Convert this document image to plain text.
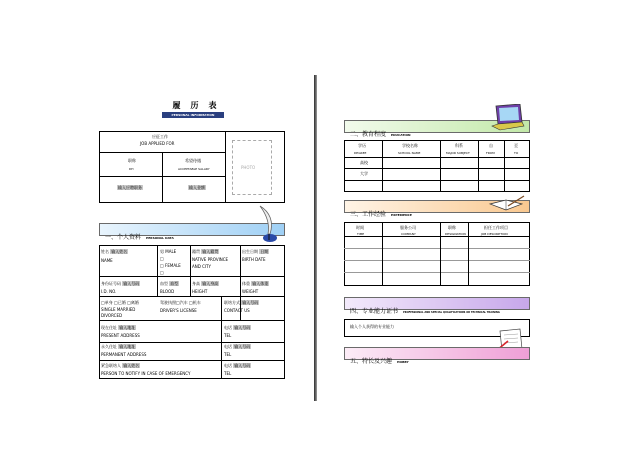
履　历　表
PERSONAL INFORMATION
应征工作
JOB APPLIED FOR
职称
DH
希望待遇
ACCEPTABLE SALARY
输入应聘职务	输入金额
PHOTO
一、个人资料 PERSONAL DATA
姓名 输入姓名
NAME
男 MALE
□
□ FEMALE
□
籍贯 输入籍贯
NATIVE PROVINCE
AND CITY
出生日期 日期
BIRTH DATE
身份证号码 输入号码
I.D. NO.
血型 血型
BLOOD
身高 输入身高
HEIGHT
体重 输入体重
WEIGHT
□单身 □已婚 □离婚
SINGLE MARRIED
DIVORCED
驾驶执照□汽车 □机车
DRIVER'S LICENSE
联络方式 输入号码
CONTACT US
现在住址 输入地址
PRESENT ADDRESS
电话 输入号码
TEL
永久住址 输入地址
PERMANENT ADDRESS
电话 输入号码
TEL
紧急联络人 输入姓名
PERSON TO NOTIFY IN CASE OF EMERGENCY
电话 输入号码
TEL
二、教育程度 EDUCATION
学历
DEGREE
学校名称
SCHOOL NAME
科系
MAJOR SUBJECT
自
FROM
至
TO
高校
大学
三、工作经验 EXPERIENCE
时间
TIME
服务公司
COMPANY
职称
DESIGNATION
担任工作项目
JOB DESCRIPTION
四、专业能力证书 PROFESSIONAL AND SPECIAL QUALIFICATIONS OR TECHNICAL TRAINING
输入个人获得的专业能力
五、特长及兴趣 HOBBY
